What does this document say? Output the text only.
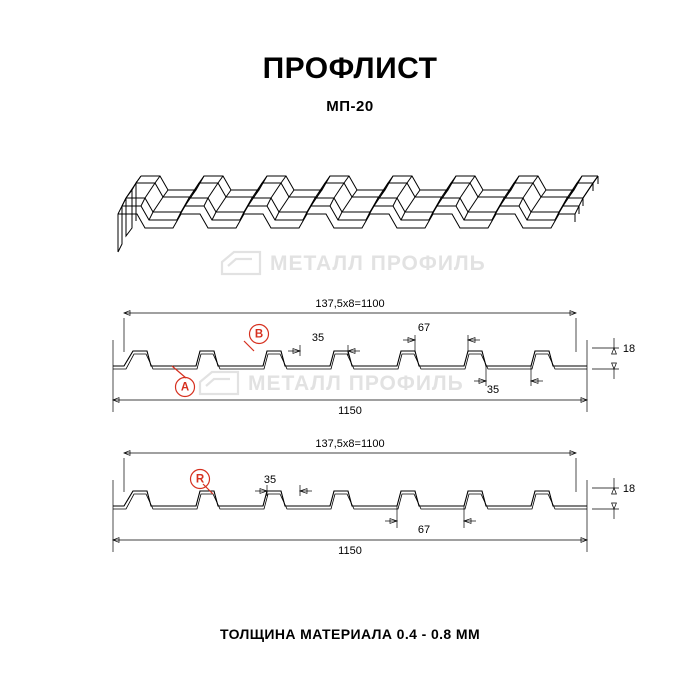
ПРОФЛИСТ
МП-20
МЕТАЛЛ ПРОФИЛЬ
МЕТАЛЛ ПРОФИЛЬ
137,5х8=1100
1150
18
35
67
35
A
B
137,5х8=1100
1150
18
35
67
R
ТОЛЩИНА МАТЕРИАЛА 0.4 - 0.8 ММ
